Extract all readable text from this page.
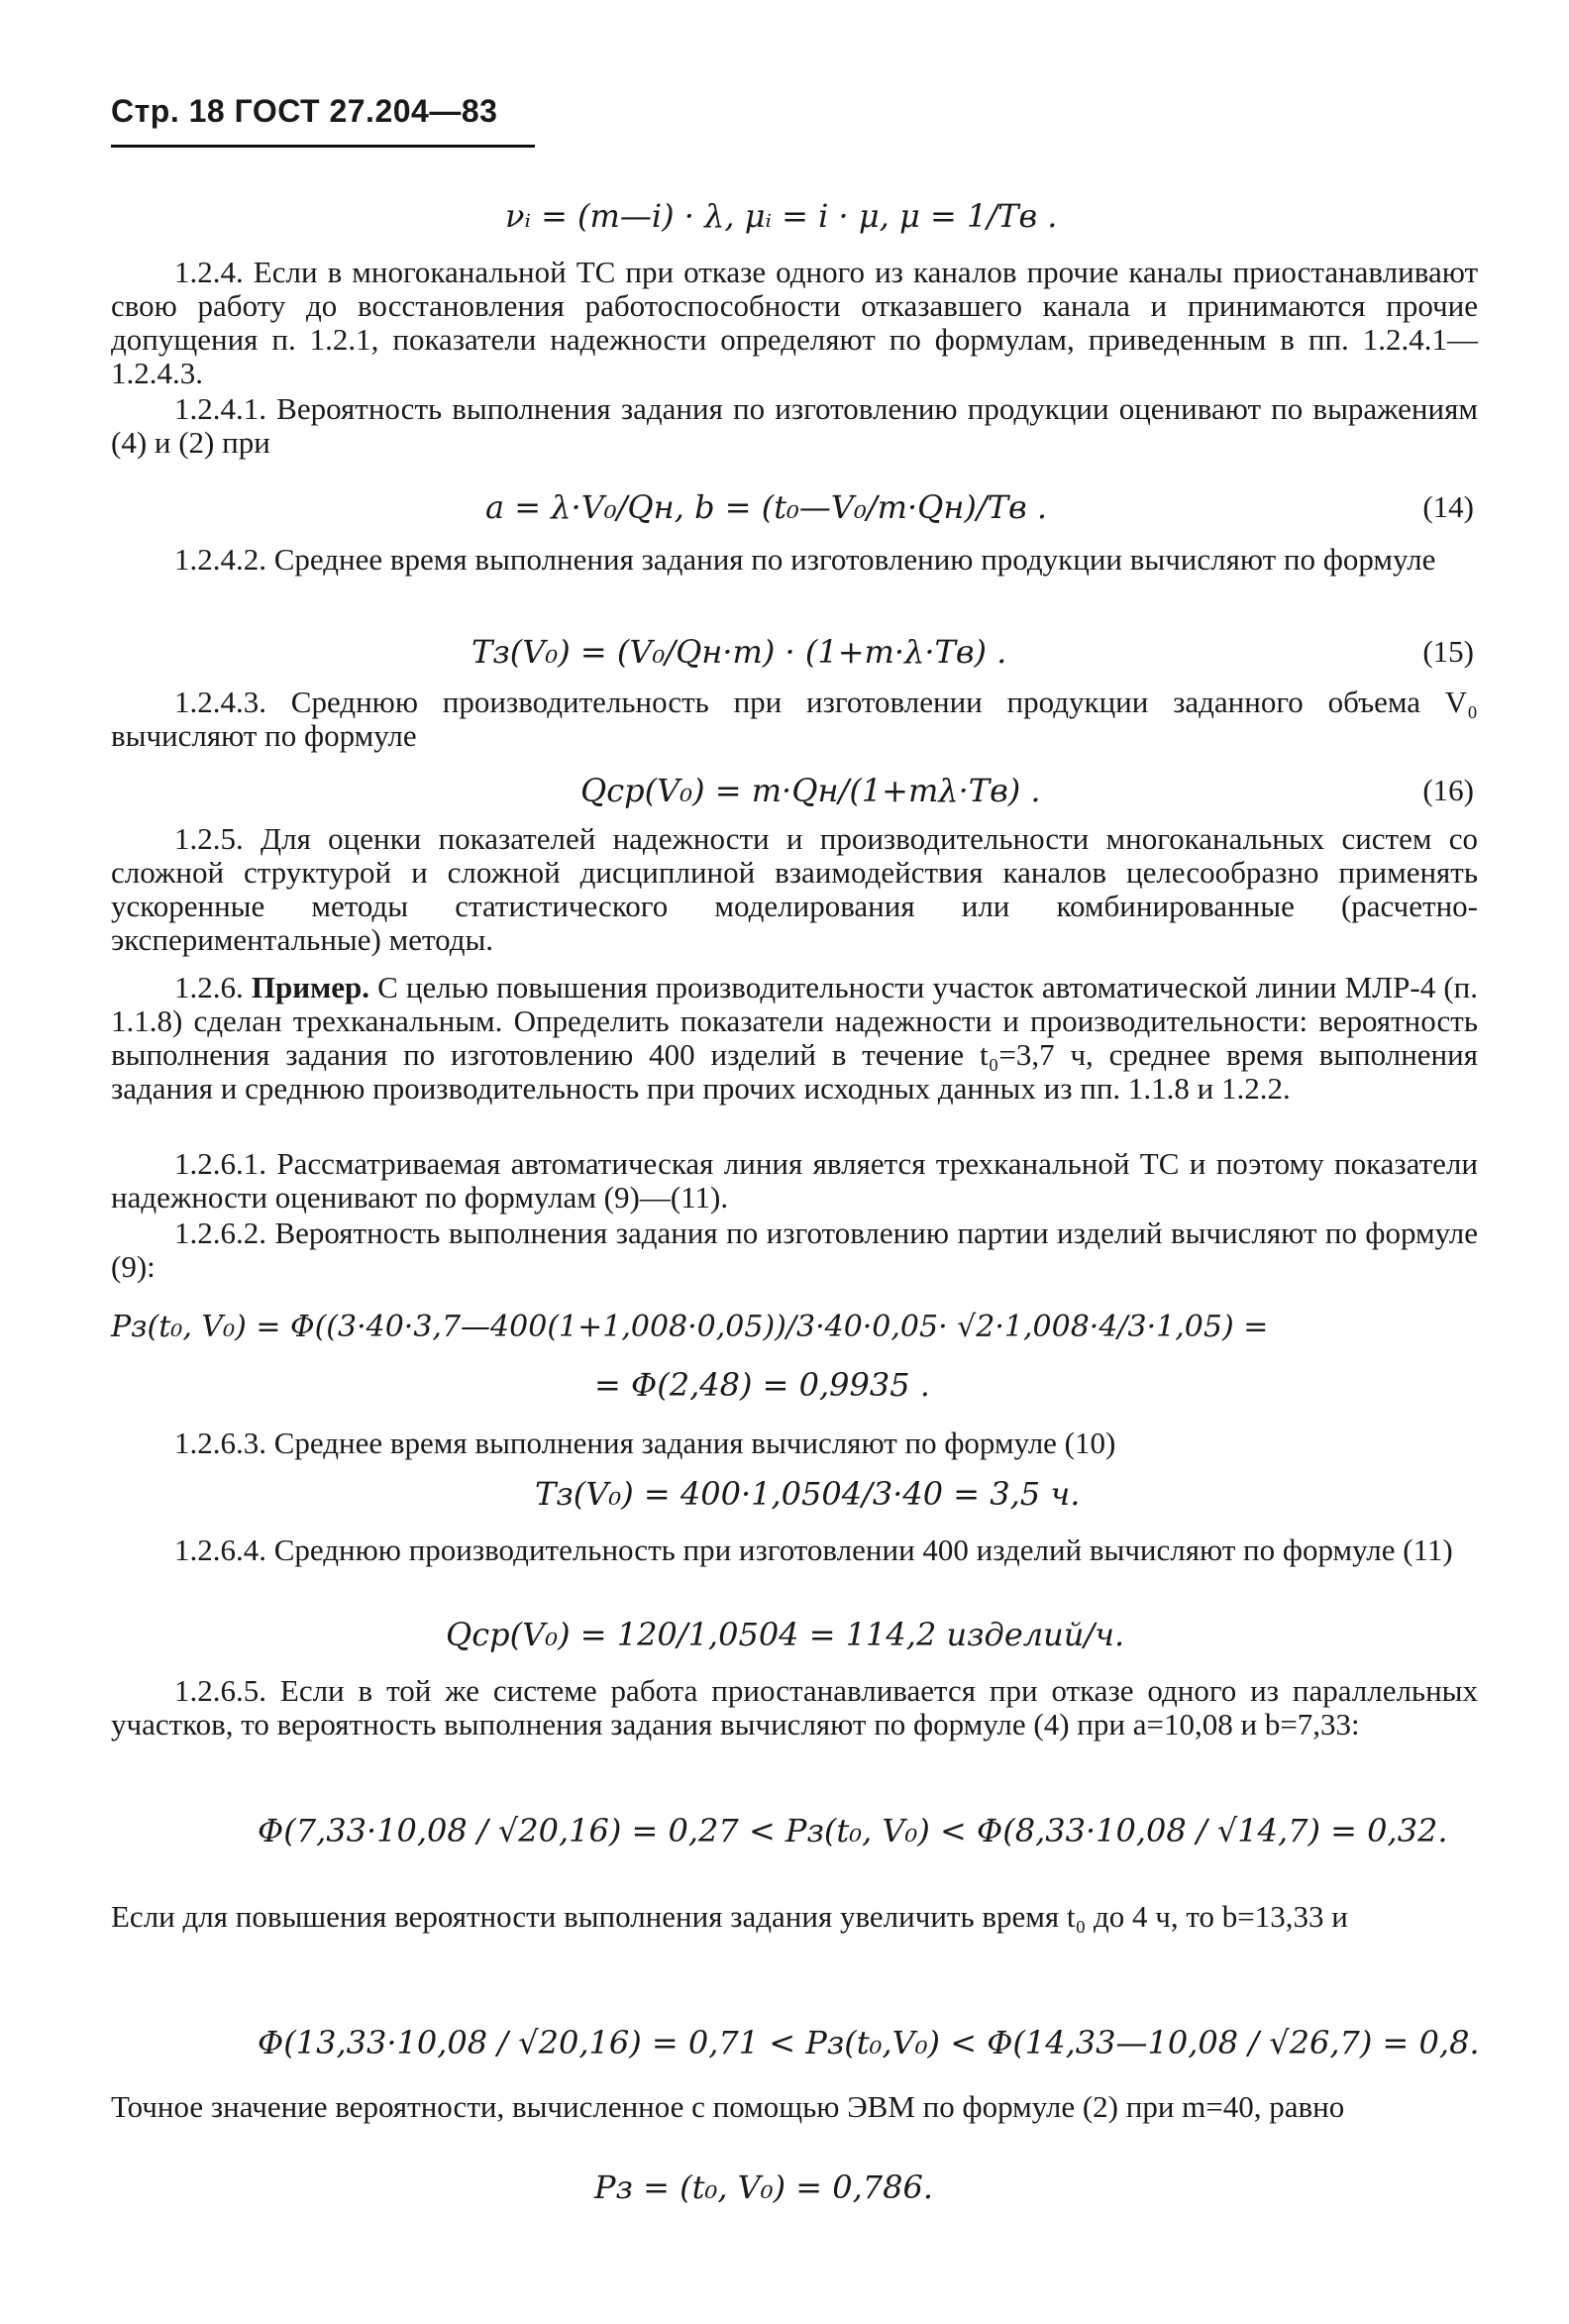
Стр. 18 ГОСТ 27.204—83
νᵢ = (m—i) · λ, μᵢ = i · μ, μ = 1/Tв .
1.2.4. Если в многоканальной ТС при отказе одного из каналов прочие каналы приостанавливают свою работу до восстановления работоспособности отказавшего канала и принимаются прочие допущения п. 1.2.1, показатели надежности определяют по формулам, приведенным в пп. 1.2.4.1—1.2.4.3.
1.2.4.1. Вероятность выполнения задания по изготовлению продукции оценивают по выражениям (4) и (2) при
a = λ·V₀/Qн, b = (t₀—V₀/m·Qн)/Tв .	(14)
1.2.4.2. Среднее время выполнения задания по изготовлению продукции вычисляют по формуле
Tз(V₀) = (V₀/Qн·m) · (1+m·λ·Tв) .	(15)
1.2.4.3. Среднюю производительность при изготовлении продукции заданного объема V₀ вычисляют по формуле
Qср(V₀) = m·Qн/(1+mλ·Tв) .	(16)
1.2.5. Для оценки показателей надежности и производительности многоканальных систем со сложной структурой и сложной дисциплиной взаимодействия каналов целесообразно применять ускоренные методы статистического моделирования или комбинированные (расчетно-экспериментальные) методы.
1.2.6. Пример. С целью повышения производительности участок автоматической линии МЛР-4 (п. 1.1.8) сделан трехканальным. Определить показатели надежности и производительности: вероятность выполнения задания по изготовлению 400 изделий в течение t₀=3,7 ч, среднее время выполнения задания и среднюю производительность при прочих исходных данных из пп. 1.1.8 и 1.2.2.
1.2.6.1. Рассматриваемая автоматическая линия является трехканальной ТС и поэтому показатели надежности оценивают по формулам (9)—(11).
1.2.6.2. Вероятность выполнения задания по изготовлению партии изделий вычисляют по формуле (9):
Pз(t₀, V₀) = Φ((3·40·3,7—400(1+1,008·0,05))/3·40·0,05· √2·1,008·4/3·1,05) =
= Φ(2,48) = 0,9935 .
1.2.6.3. Среднее время выполнения задания вычисляют по формуле (10)
Tз(V₀) = 400·1,0504/3·40 = 3,5 ч.
1.2.6.4. Среднюю производительность при изготовлении 400 изделий вычисляют по формуле (11)
Qср(V₀) = 120/1,0504 = 114,2 изделий/ч.
1.2.6.5. Если в той же системе работа приостанавливается при отказе одного из параллельных участков, то вероятность выполнения задания вычисляют по формуле (4) при a=10,08 и b=7,33:
Φ(7,33·10,08 / √20,16) = 0,27 < Pз(t₀, V₀) < Φ(8,33·10,08 / √14,7) = 0,32.
Если для повышения вероятности выполнения задания увеличить время t₀ до 4 ч, то b=13,33 и
Φ(13,33·10,08 / √20,16) = 0,71 < Pз(t₀,V₀) < Φ(14,33—10,08 / √26,7) = 0,8.
Точное значение вероятности, вычисленное с помощью ЭВМ по формуле (2) при m=40, равно
Pз = (t₀, V₀) = 0,786.
